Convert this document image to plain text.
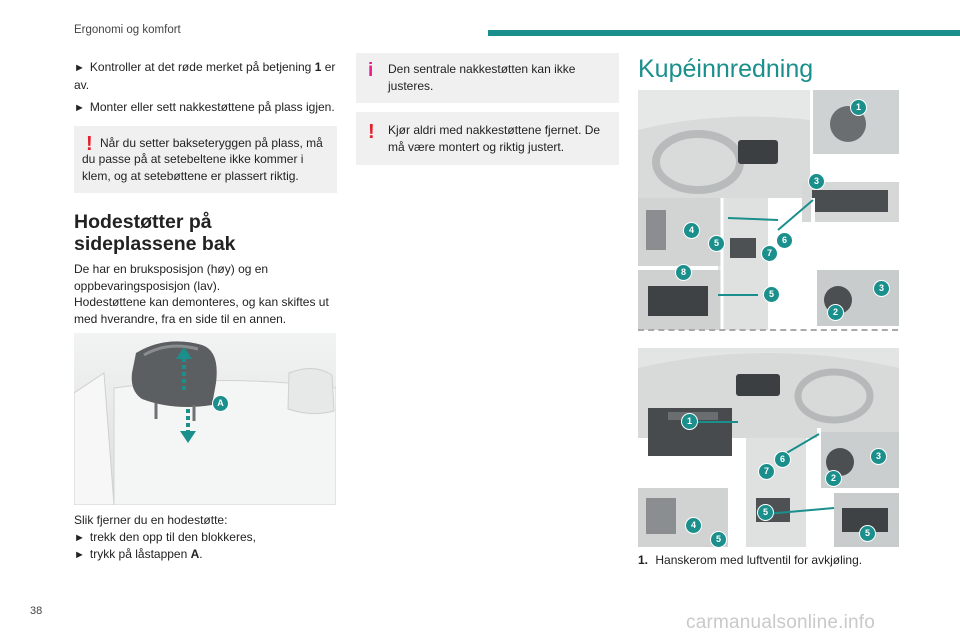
Ergonomi og komfort

► Kontroller at det røde merket på betjening 1 er av.

► Monter eller sett nakkestøttene på plass igjen.

! Når du setter bakseteryggen på plass, må du passe på at setebeltene ikke kommer i klem, og at setebøttene er plassert riktig.
Hodestøtter på sideplassene bak

De har en bruksposisjon (høy) og en oppbevaringsposisjon (lav).

Hodestøttene kan demonteres, og kan skiftes ut med hverandre, fra en side til en annen.

A

Slik fjerner du en hodestøtte:

► trekk den opp til den blokkeres,

► trykk på låstappen A.

i Den sentrale nakkestøtten kan ikke justeres.
! Kjør aldri med nakkestøttene fjernet. De må være montert og riktig justert.
Kupéinnredning
1
3
4
5	6
7
8
5
3
2
1
6
7
3
2
5
4
5
5
1. Hanskerom med luftventil for avkjøling.
38
carmanualsonline.info
